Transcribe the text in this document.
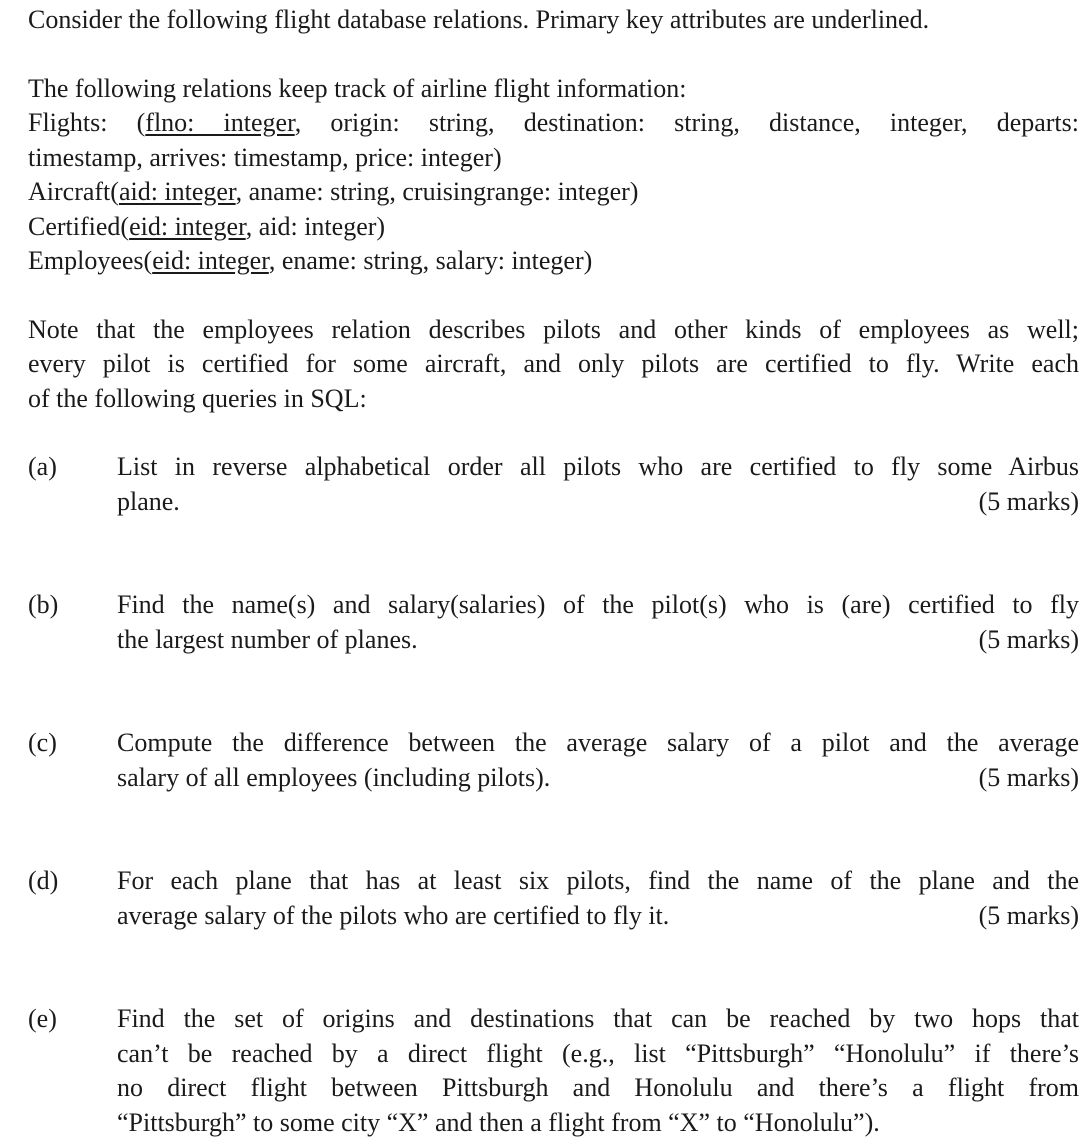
Consider the following flight database relations. Primary key attributes are underlined.
The following relations keep track of airline flight information:
Flights: (flno: integer, origin: string, destination: string, distance, integer, departs:
timestamp, arrives: timestamp, price: integer)
Aircraft(aid: integer, aname: string, cruisingrange: integer)
Certified(eid: integer, aid: integer)
Employees(eid: integer, ename: string, salary: integer)
Note that the employees relation describes pilots and other kinds of employees as well;
every pilot is certified for some aircraft, and only pilots are certified to fly. Write each
of the following queries in SQL:
(a) List in reverse alphabetical order all pilots who are certified to fly some Airbus
plane.	(5 marks)
(b) Find the name(s) and salary(salaries) of the pilot(s) who is (are) certified to fly
the largest number of planes.	(5 marks)
(c) Compute the difference between the average salary of a pilot and the average
salary of all employees (including pilots).	(5 marks)
(d) For each plane that has at least six pilots, find the name of the plane and the
average salary of the pilots who are certified to fly it.	(5 marks)
(e) Find the set of origins and destinations that can be reached by two hops that
can’t be reached by a direct flight (e.g., list “Pittsburgh” “Honolulu” if there’s
no direct flight between Pittsburgh and Honolulu and there’s a flight from
“Pittsburgh” to some city “X” and then a flight from “X” to “Honolulu”).
